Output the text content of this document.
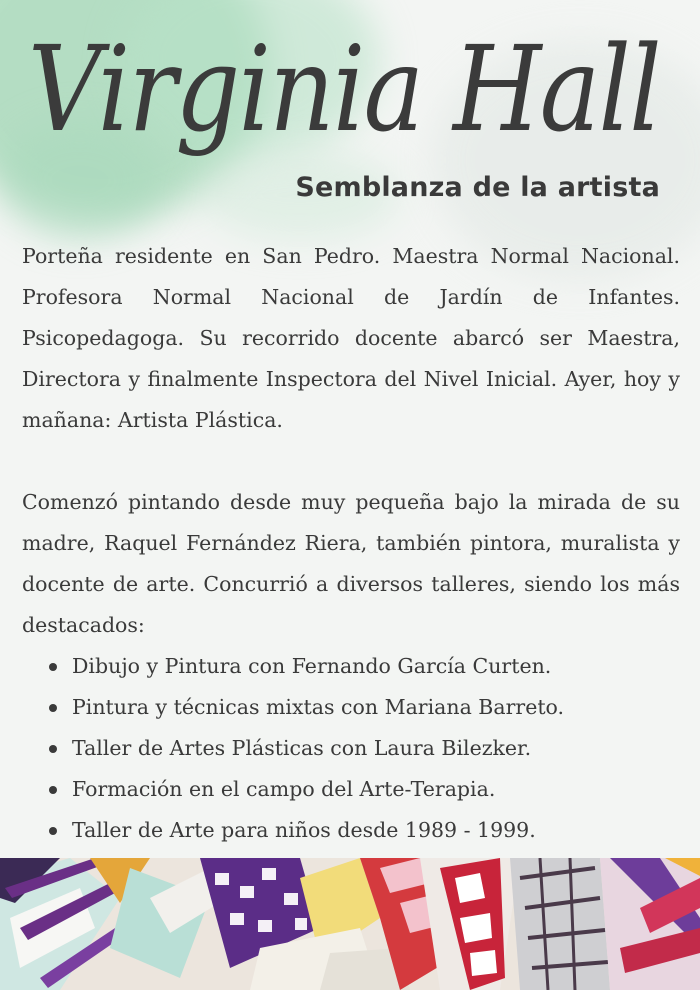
Virginia Hall
Semblanza de la artista

Porteña residente en San Pedro. Maestra Normal Nacional. Profesora Normal Nacional de Jardín de Infantes. Psicopedagoga. Su recorrido docente abarcó ser Maestra, Directora y finalmente Inspectora del Nivel Inicial. Ayer, hoy y mañana: Artista Plástica.

Comenzó pintando desde muy pequeña bajo la mirada de su madre, Raquel Fernández Riera, también pintora, muralista y docente de arte. Concurrió a diversos talleres, siendo los más destacados:

Dibujo y Pintura con Fernando García Curten.
Pintura y técnicas mixtas con Mariana Barreto.
Taller de Artes Plásticas con Laura Bilezker.
Formación en el campo del Arte-Terapia.
Taller de Arte para niños desde 1989 - 1999.
